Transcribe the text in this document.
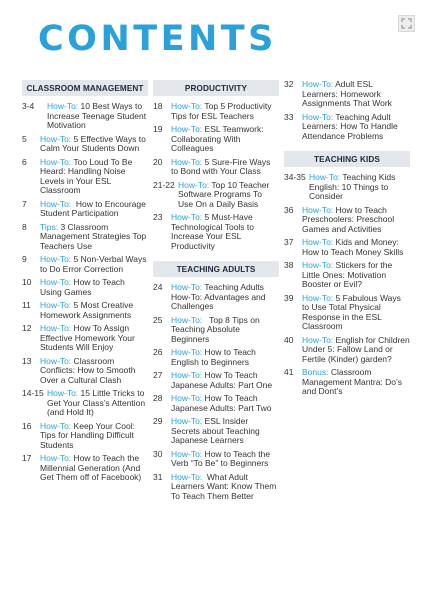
CONTENTS
CLASSROOM MANAGEMENT
3-4	How-To: 10 Best Ways to Increase Teenage Student Motivation
5	How-To: 5 Effective Ways to Calm Your Students Down
6	How-To: Too Loud To Be Heard: Handling Noise Levels in Your ESL Classroom
7	How-To:  How to Encourage Student Participation
8	Tips: 3 Classroom Management Strategies Top Teachers Use
9	How-To: 5 Non-Verbal Ways to Do Error Correction
10	How-To: How to Teach Using Games
11	How-To: 5 Most Creative Homework Assignments
12	How-To: How To Assign Effective Homework Your Students Will Enjoy
13	How-To: Classroom Conflicts: How to Smooth Over a Cultural Clash
14-15 How-To: 15 Little Tricks to Get Your Class’s Attention (and Hold It)
16	How-To: Keep Your Cool: Tips for Handling Difficult Students
17	How-To: How to Teach the Millennial Generation (And Get Them off of Facebook)
PRODUCTIVITY
18	How-To: Top 5 Productivity Tips for ESL Teachers
19	How-To: ESL Teamwork: Collaborating With Colleagues
20	How-To: 5 Sure-Fire Ways to Bond with Your Class
21-22 How-To: Top 10 Teacher Software Programs To Use On a Daily Basis
23	How-To: 5 Must-Have Technological Tools to Increase Your ESL Productivity
TEACHING ADULTS
24	How-To: Teaching Adults How-To: Advantages and Challenges
25	How-To:   Top 8 Tips on Teaching Absolute Beginners
26	How-To: How to Teach English to Beginners
27	How-To: How To Teach Japanese Adults: Part One
28	How-To: How To Teach Japanese Adults: Part Two
29	How-To: ESL Insider Secrets about Teaching Japanese Learners
30	How-To: How to Teach the Verb “To Be” to Beginners
31	How-To:  What Adult Learners Want: Know Them To Teach Them Better
32	How-To: Adult ESL Learners: Homework Assignments That Work
33	How-To: Teaching Adult Learners: How To Handle Attendance Problems
TEACHING KIDS
34-35 How-To: Teaching Kids English: 10 Things to Consider
36	How-To: How to Teach Preschoolers: Preschool Games and Activities
37	How-To: Kids and Money: How to Teach Money Skills
38	How-To: Stickers for the Little Ones: Motivation Booster or Evil?
39	How-To: 5 Fabulous Ways to Use Total Physical Response in the ESL Classroom
40	How-To: English for Children Under 5: Fallow Land or Fertile (Kinder) garden?
41	Bonus: Classroom Management Mantra: Do’s and Dont’s
